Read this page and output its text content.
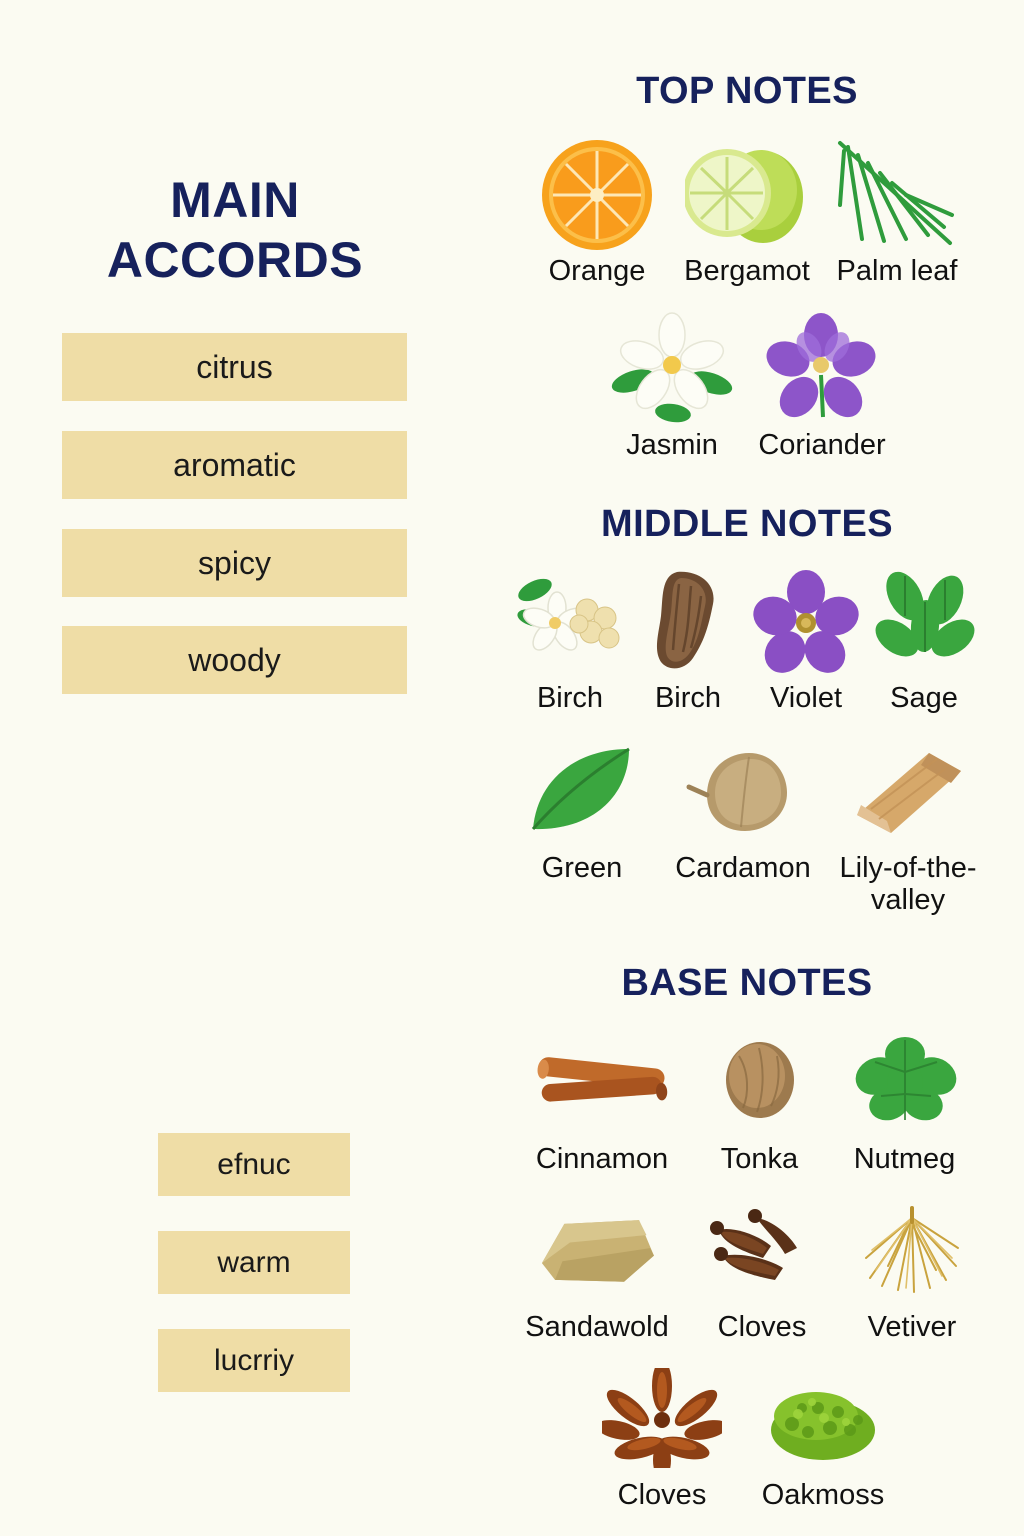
MAIN
ACCORDS
citrus
aromatic
spicy
woody
efnuc
warm
lucrriy
TOP NOTES
Orange Bergamot Palm leaf
Jasmin Coriander
MIDDLE NOTES
Birch Birch Violet Sage
Green Cardamon Lily-of-the-valley
BASE NOTES
Cinnamon Tonka Nutmeg
Sandawold Cloves Vetiver
Cloves Oakmoss
